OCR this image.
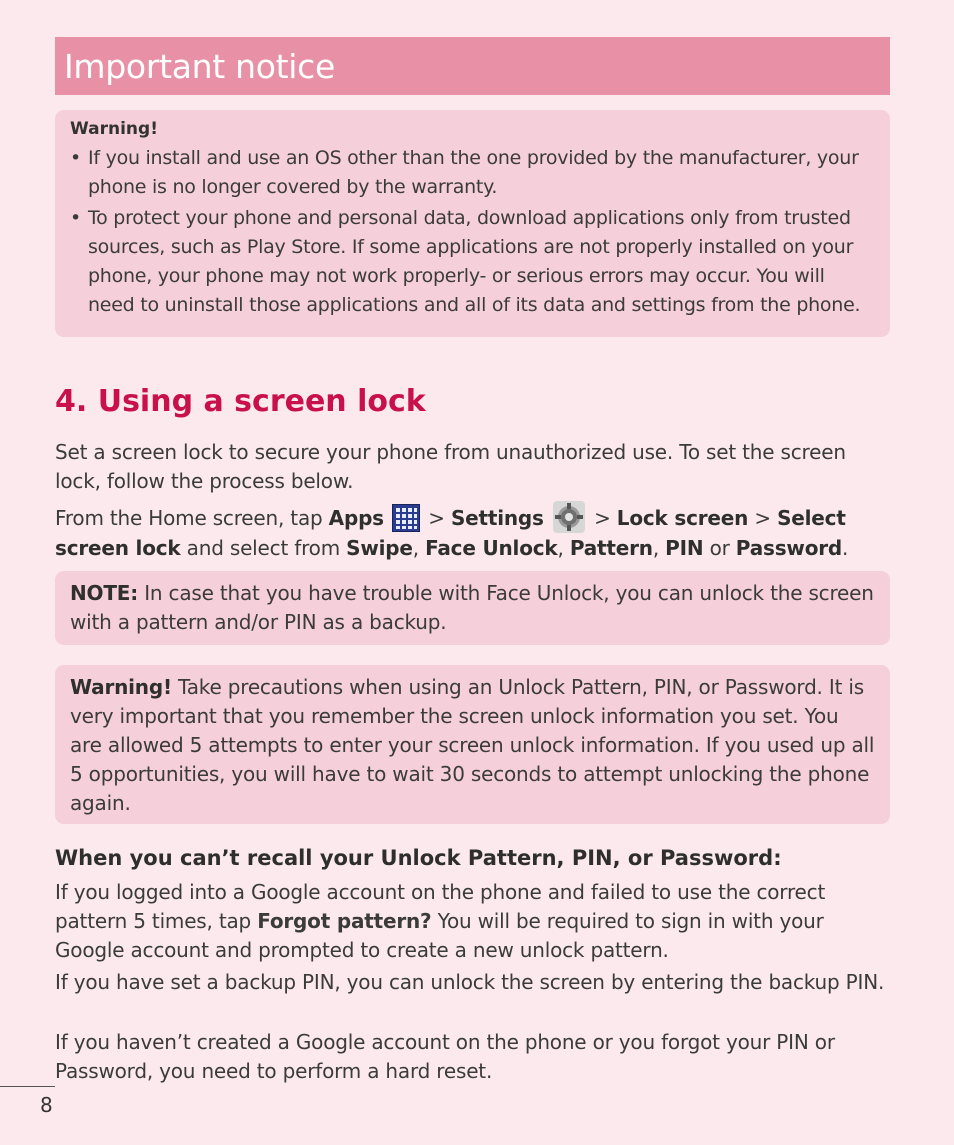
Important notice

Warning!

• If you install and use an OS other than the one provided by the manufacturer, your phone is no longer covered by the warranty.
• To protect your phone and personal data, download applications only from trusted sources, such as Play Store. If some applications are not properly installed on your phone, your phone may not work properly- or serious errors may occur. You will need to uninstall those applications and all of its data and settings from the phone.
4. Using a screen lock

Set a screen lock to secure your phone from unauthorized use. To set the screen lock, follow the process below.

From the Home screen, tap Apps
> Settings  > Lock screen > Select screen lock and select from Swipe, Face Unlock, Pattern, PIN or Password.

NOTE: In case that you have trouble with Face Unlock, you can unlock the screen with a pattern and/or PIN as a backup.

Warning! Take precautions when using an Unlock Pattern, PIN, or Password. It is very important that you remember the screen unlock information you set. You are allowed 5 attempts to enter your screen unlock information. If you used up all 5 opportunities, you will have to wait 30 seconds to attempt unlocking the phone again.

When you can’t recall your Unlock Pattern, PIN, or Password:

If you logged into a Google account on the phone and failed to use the correct pattern 5 times, tap Forgot pattern? You will be required to sign in with your Google account and prompted to create a new unlock pattern.

If you have set a backup PIN, you can unlock the screen by entering the backup PIN.

If you haven’t created a Google account on the phone or you forgot your PIN or Password, you need to perform a hard reset.

8
